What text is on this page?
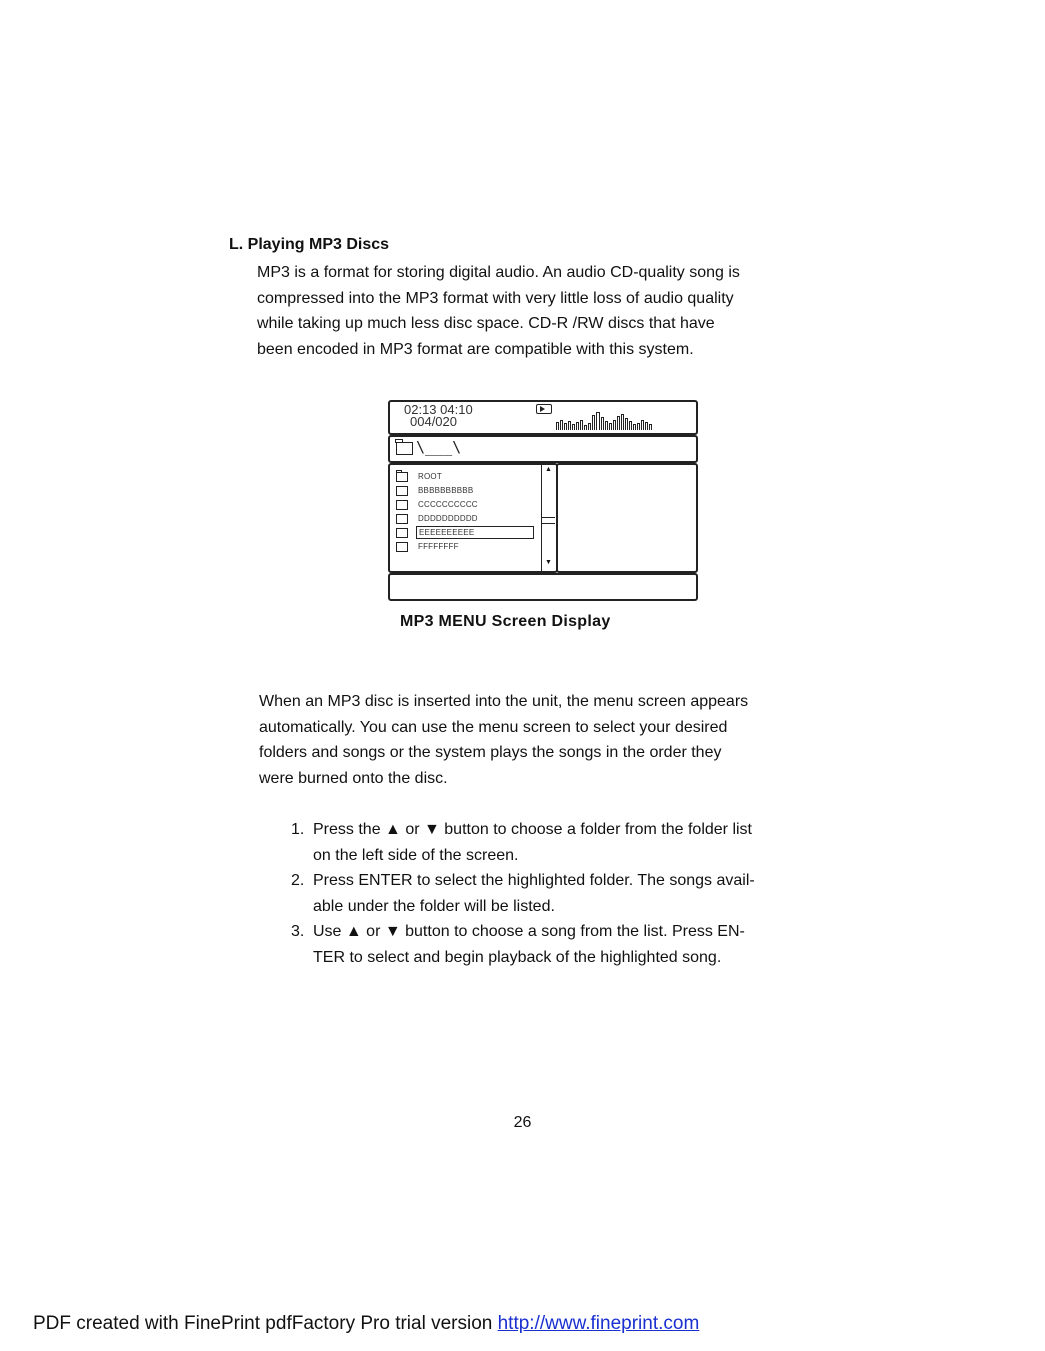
L. Playing MP3 Discs
MP3 is a format for storing digital audio. An audio CD-quality song is
compressed into the MP3 format with very little loss of audio quality
while taking up much less disc space. CD-R /RW discs that have
been encoded in MP3 format are compatible with this system.
02:13 04:10
004/020
\___\
ROOT
BBBBBBBBBB
CCCCCCCCCC
DDDDDDDDDD
EEEEEEEEEE
FFFFFFFF
▲
▼
MP3 MENU Screen Display
When an MP3 disc is inserted into the unit, the menu screen appears
automatically. You can use the menu screen to select your desired
folders and songs or the system plays the songs in the order they
were burned onto the disc.
1. Press the ▲ or ▼ button to choose a folder from the folder list
on the left side of the screen.
2. Press ENTER to select the highlighted folder. The songs avail-
able under the folder will be listed.
3. Use ▲ or ▼ button to choose a song from the list. Press EN-
TER to select and begin playback of the highlighted song.
26
PDF created with FinePrint pdfFactory Pro trial version http://www.fineprint.com
